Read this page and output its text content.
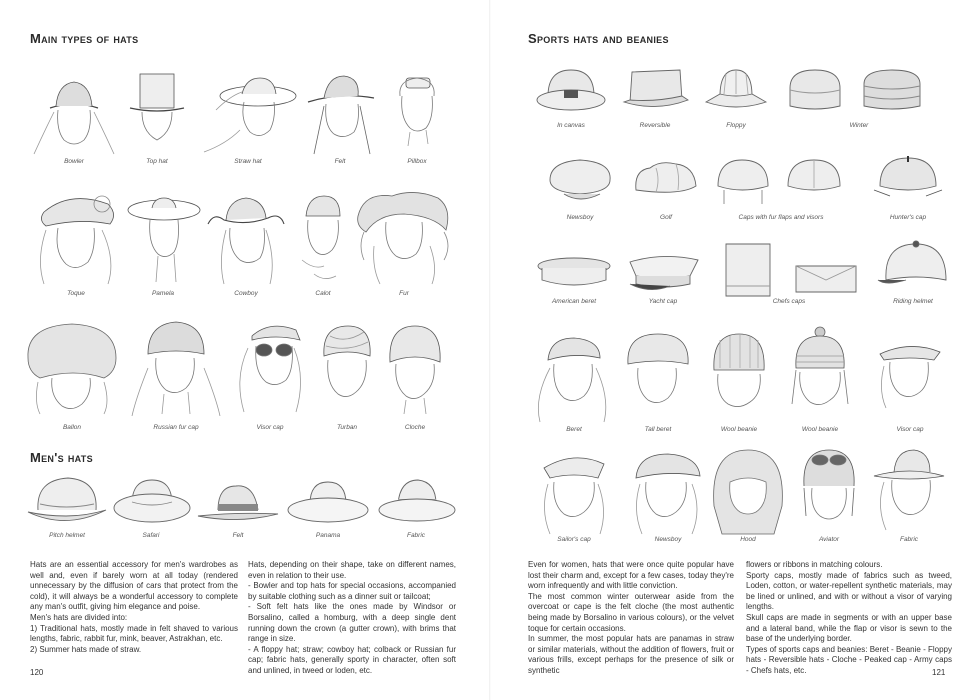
Main types of hats
Bowler	Top hat	Straw hat	Felt	Pillbox
Toque	Pamela	Cowboy	Calot	Fur
Ballon	Russian fur cap	Visor cap	Turban	Cloche
Men's hats
Pitch helmet	Safari	Felt	Panama	Fabric

Hats are an essential accessory for men's wardrobes as well and, even if barely worn at all today (rendered unnecessary by the diffusion of cars that protect from the cold), it will always be a wonderful accessory to complete any man's outfit, giving him elegance and poise.

Men's hats are divided into:

1) Traditional hats, mostly made in felt shaved to various lengths, fabric, rabbit fur, mink, beaver, Astrakhan, etc.

2) Summer hats made of straw.

Hats, depending on their shape, take on different names, even in relation to their use.

- Bowler and top hats for special occasions, accompanied by suitable clothing such as a dinner suit or tailcoat;

- Soft felt hats like the ones made by Windsor or Borsalino, called a homburg, with a deep single dent running down the crown (a gutter crown), with brims that range in size.

- A floppy hat; straw; cowboy hat; colback or Russian fur cap; fabric hats, generally sporty in character, often soft and unlined, in tweed or loden, etc.

120
Sports hats and beanies
In canvas	Reversible	Floppy	Winter
Newsboy	Golf	Caps with fur flaps and visors	Hunter's cap
American beret	Yacht cap	Chefs caps	Riding helmet
Beret	Tall beret	Wool beanie	Wool beanie	Visor cap
Sailor's cap	Newsboy	Hood	Aviator	Fabric

Even for women, hats that were once quite popular have lost their charm and, except for a few cases, today they're worn infrequently and with little conviction.

The most common winter outerwear aside from the overcoat or cape is the felt cloche (the most authentic being made by Borsalino in various colours), or the velvet toque for certain occasions.

In summer, the most popular hats are panamas in straw or similar materials, without the addition of flowers, fruit or various frills, except perhaps for the presence of silk or synthetic

flowers or ribbons in matching colours.

Sporty caps, mostly made of fabrics such as tweed, Loden, cotton, or water-repellent synthetic materials, may be lined or unlined, and with or without a visor of varying lengths.

Skull caps are made in segments or with an upper base and a lateral band, while the flap or visor is sewn to the base of the underlying border.

Types of sports caps and beanies: Beret - Beanie - Floppy hats - Reversible hats - Cloche - Peaked cap - Army caps - Chefs hats, etc.	121
